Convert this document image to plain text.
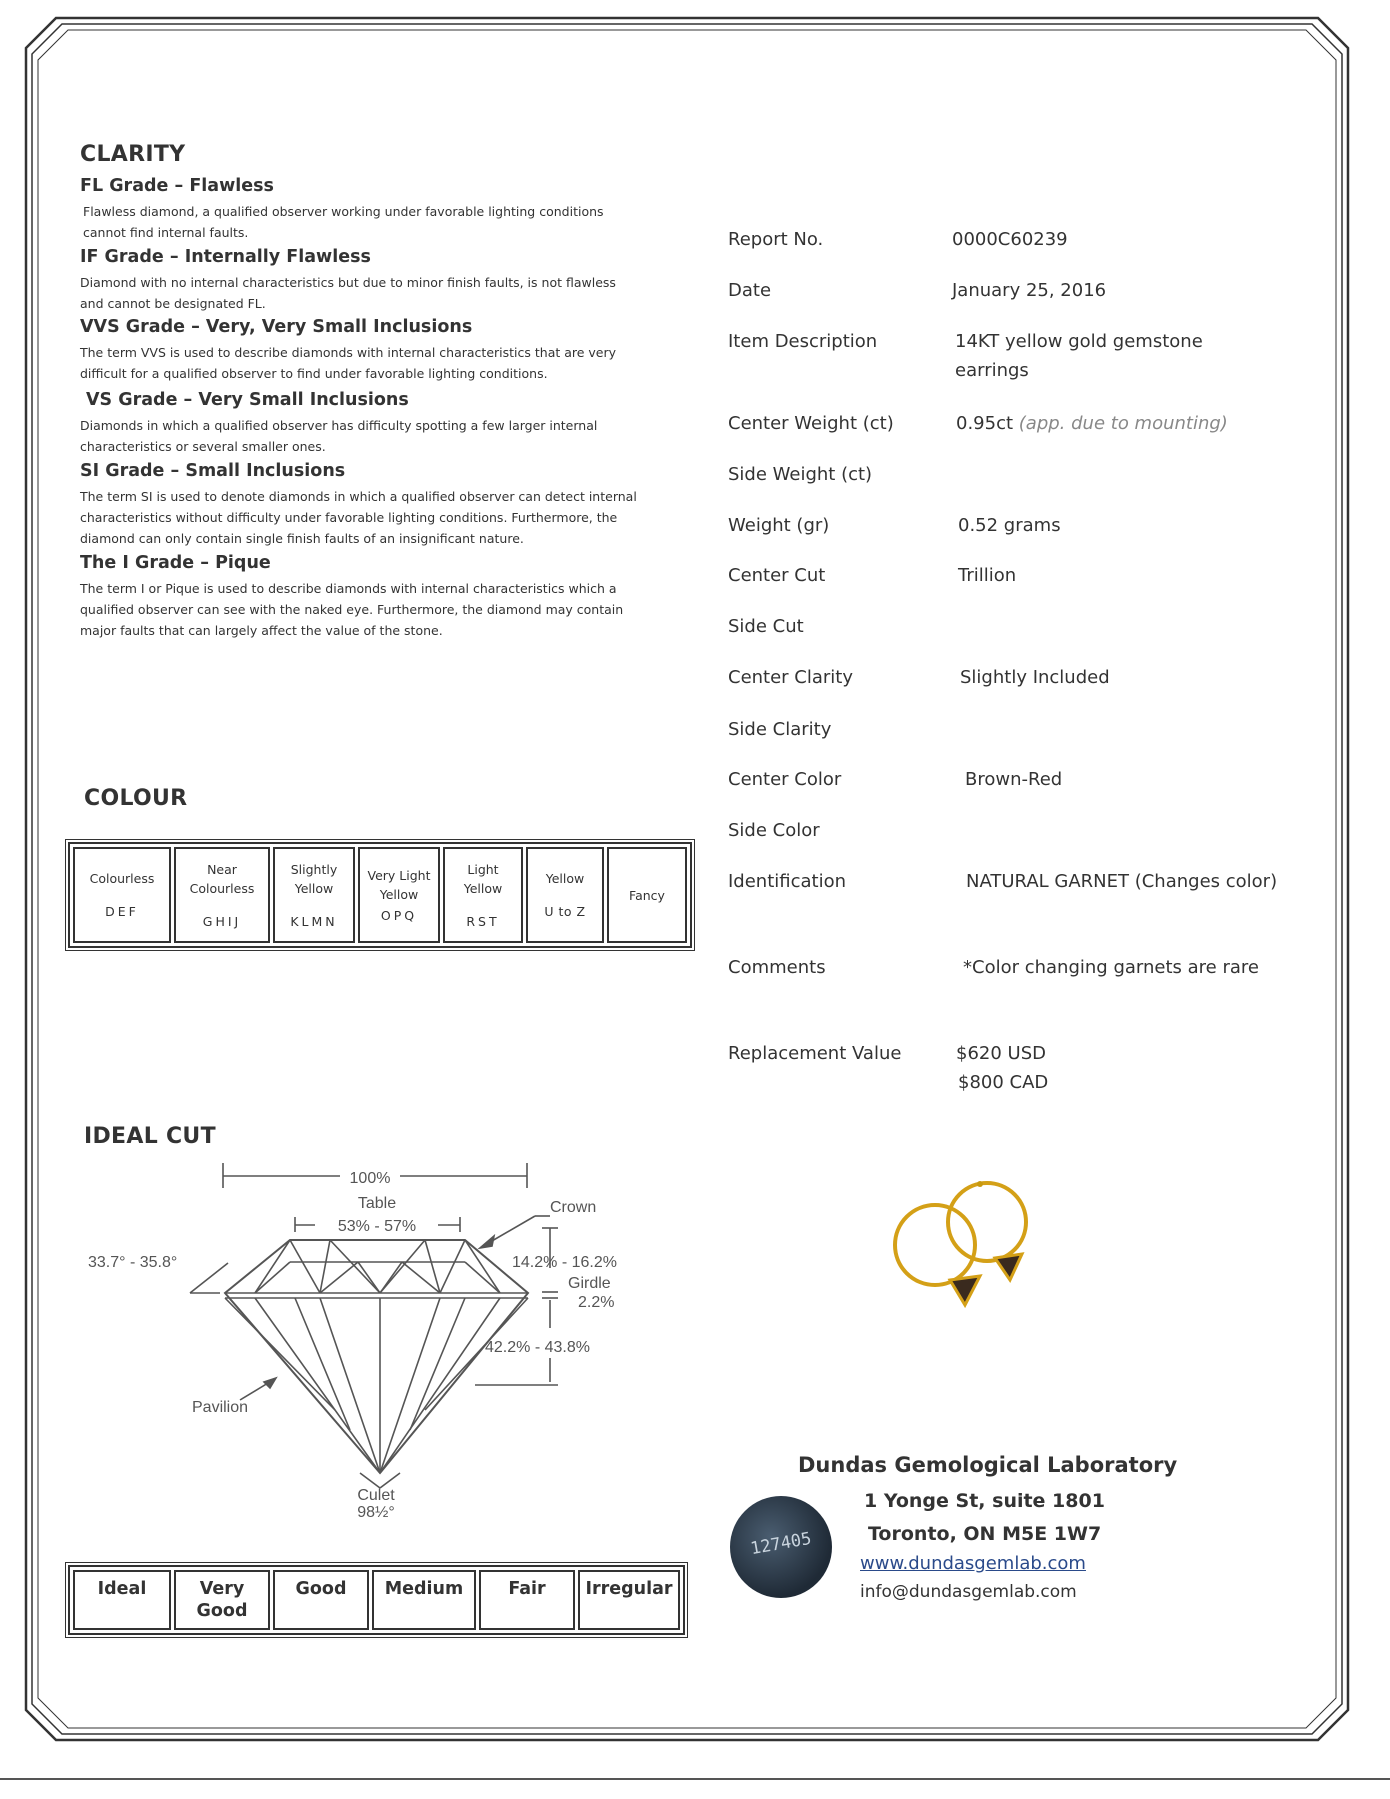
CLARITY
FL Grade – Flawless
Flawless diamond, a qualified observer working under favorable lighting conditions cannot find internal faults.
IF Grade – Internally Flawless
Diamond with no internal characteristics but due to minor finish faults, is not flawless and cannot be designated FL.
VVS Grade – Very, Very Small Inclusions
The term VVS is used to describe diamonds with internal characteristics that are very difficult for a qualified observer to find under favorable lighting conditions.
VS Grade – Very Small Inclusions
Diamonds in which a qualified observer has difficulty spotting a few larger internal characteristics or several smaller ones.
SI Grade – Small Inclusions
The term SI is used to denote diamonds in which a qualified observer can detect internal characteristics without difficulty under favorable lighting conditions. Furthermore, the diamond can only contain single finish faults of an insignificant nature.
The I Grade – Pique
The term I or Pique is used to describe diamonds with internal characteristics which a qualified observer can see with the naked eye. Furthermore, the diamond may contain major faults that can largely affect the value of the stone.
COLOUR
Colourless
DEF

Near Colourless
GHIJ

Slightly Yellow
KLMN

Very Light Yellow
OPQ

Light Yellow
RST

Yellow
U to Z
	Fancy
IDEAL CUT
100%
Table
53% - 57%
Crown
33.7° - 35.8°	14.2% - 16.2%
Girdle
2.2%
42.2% - 43.8%
Pavilion
Culet
98½°
Ideal	Very Good	Good	Medium	Fair	Irregular
Report No.	0000C60239
Date	January 25, 2016
Item Description	14KT yellow gold gemstone
earrings
Center Weight (ct)	0.95ct (app. due to mounting)
Side Weight (ct)
Weight (gr)	0.52 grams
Center Cut	Trillion
Side Cut
Center Clarity	Slightly Included
Side Clarity
Center Color	Brown-Red
Side Color
Identification	NATURAL GARNET (Changes color)
Comments	*Color changing garnets are rare
Replacement Value	$620 USD
$800 CAD
Dundas Gemological Laboratory
1 Yonge St, suite 1801
Toronto, ON M5E 1W7
www.dundasgemlab.com
info@dundasgemlab.com
127405
